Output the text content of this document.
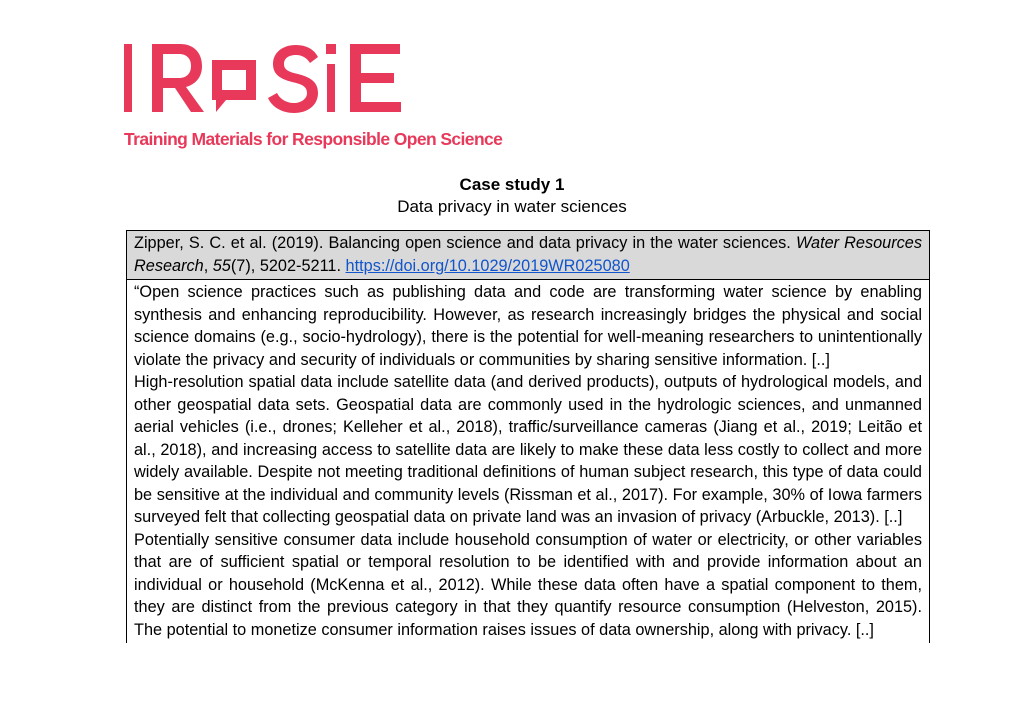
Training Materials for Responsible Open Science
Case study 1
Data privacy in water sciences
Zipper, S. C. et al. (2019). Balancing open science and data privacy in the water sciences. Water Resources Research, 55(7), 5202-5211. https://doi.org/10.1029/2019WR025080

“Open science practices such as publishing data and code are transforming water science by enabling synthesis and enhancing reproducibility. However, as research increasingly bridges the physical and social science domains (e.g., socio-hydrology), there is the potential for well-meaning researchers to unintentionally violate the privacy and security of individuals or communities by sharing sensitive information. [..]

High-resolution spatial data include satellite data (and derived products), outputs of hydrological models, and other geospatial data sets. Geospatial data are commonly used in the hydrologic sciences, and unmanned aerial vehicles (i.e., drones; Kelleher et al., 2018), traffic/surveillance cameras (Jiang et al., 2019; Leitão et al., 2018), and increasing access to satellite data are likely to make these data less costly to collect and more widely available. Despite not meeting traditional definitions of human subject research, this type of data could be sensitive at the individual and community levels (Rissman et al., 2017). For example, 30% of Iowa farmers surveyed felt that collecting geospatial data on private land was an invasion of privacy (Arbuckle, 2013). [..]

Potentially sensitive consumer data include household consumption of water or electricity, or other variables that are of sufficient spatial or temporal resolution to be identified with and provide information about an individual or household (McKenna et al., 2012). While these data often have a spatial component to them, they are distinct from the previous category in that they quantify resource consumption (Helveston, 2015). The potential to monetize consumer information raises issues of data ownership, along with privacy. [..]
